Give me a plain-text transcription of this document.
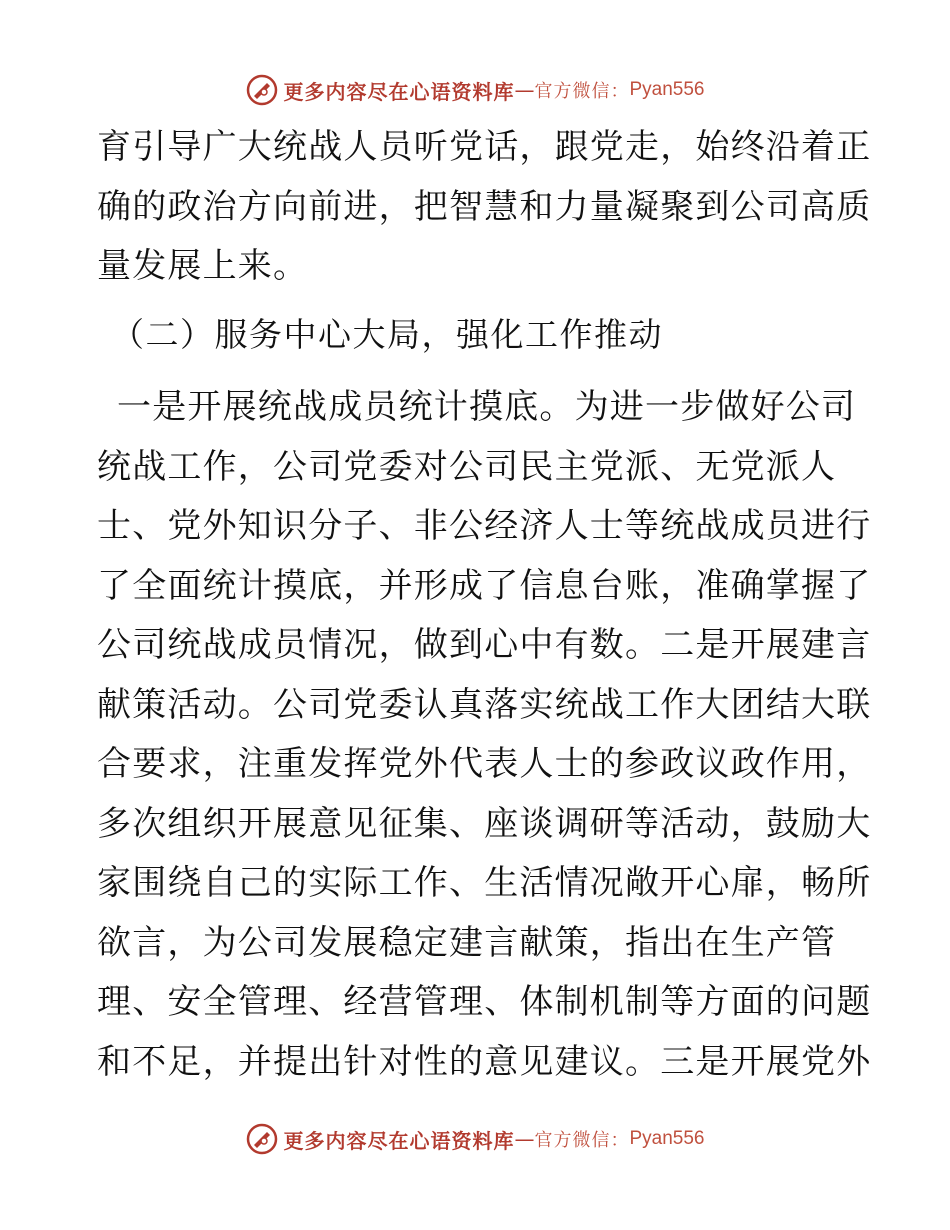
更多内容尽在心语资料库 — 官方微信： Pyan556
育引导广大统战人员听党话，跟党走，始终沿着正
确的政治方向前进，把智慧和力量凝聚到公司高质
量发展上来。
（二）服务中心大局，强化工作推动
一是开展统战成员统计摸底。为进一步做好公司
统战工作，公司党委对公司民主党派、无党派人
士、党外知识分子、非公经济人士等统战成员进行
了全面统计摸底，并形成了信息台账，准确掌握了
公司统战成员情况，做到心中有数。二是开展建言
献策活动。公司党委认真落实统战工作大团结大联
合要求，注重发挥党外代表人士的参政议政作用，
多次组织开展意见征集、座谈调研等活动，鼓励大
家围绕自己的实际工作、生活情况敞开心扉，畅所
欲言，为公司发展稳定建言献策，指出在生产管
理、安全管理、经营管理、体制机制等方面的问题
和不足，并提出针对性的意见建议。三是开展党外
更多内容尽在心语资料库 — 官方微信： Pyan556
